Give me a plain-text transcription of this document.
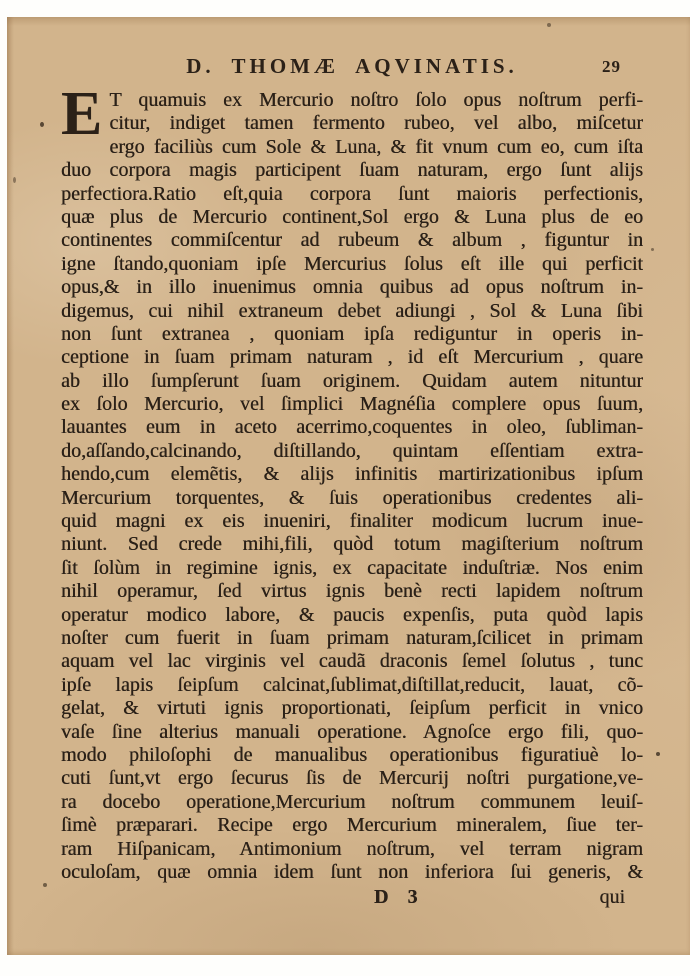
D. THOMÆ AQVINATIS.	29
E T quamuis ex Mercurio noſtro ſolo opus noſtrum perfi-
citur, indiget tamen fermento rubeo, vel albo, miſcetur
ergo faciliùs cum Sole & Luna, & fit vnum cum eo, cum iſta
duo corpora magis participent ſuam naturam, ergo ſunt alijs
perfectiora.Ratio eſt,quia corpora ſunt maioris perfectionis,
quæ plus de Mercurio continent,Sol ergo & Luna plus de eo
continentes commiſcentur ad rubeum & album , figuntur in
igne ſtando,quoniam ipſe Mercurius ſolus eſt ille qui perficit
opus,& in illo inuenimus omnia quibus ad opus noſtrum in-
digemus, cui nihil extraneum debet adiungi , Sol & Luna ſibi
non ſunt extranea , quoniam ipſa rediguntur in operis in-
ceptione in ſuam primam naturam , id eſt Mercurium , quare
ab illo ſumpſerunt ſuam originem. Quidam autem nituntur
ex ſolo Mercurio, vel ſimplici Magnéſia complere opus ſuum,
lauantes eum in aceto acerrimo,coquentes in oleo, ſubliman-
do,aſſando,calcinando, diſtillando, quintam eſſentiam extra-
hendo,cum elemẽtis, & alijs infinitis martirizationibus ipſum
Mercurium torquentes, & ſuis operationibus credentes ali-
quid magni ex eis inueniri, finaliter modicum lucrum inue-
niunt. Sed crede mihi,fili, quòd totum magiſterium noſtrum
ſit ſolùm in regimine ignis, ex capacitate induſtriæ. Nos enim
nihil operamur, ſed virtus ignis benè recti lapidem noſtrum
operatur modico labore, & paucis expenſis, puta quòd lapis
noſter cum fuerit in ſuam primam naturam,ſcilicet in primam
aquam vel lac virginis vel caudã draconis ſemel ſolutus , tunc
ipſe lapis ſeipſum calcinat,ſublimat,diſtillat,reducit, lauat, cõ-
gelat, & virtuti ignis proportionati, ſeipſum perficit in vnico
vaſe ſine alterius manuali operatione. Agnoſce ergo fili, quo-
modo philoſophi de manualibus operationibus figuratiuè lo-
cuti ſunt,vt ergo ſecurus ſis de Mercurij noſtri purgatione,ve-
ra docebo operatione,Mercurium noſtrum communem leuiſ-
ſimè præparari. Recipe ergo Mercurium mineralem, ſiue ter-
ram Hiſpanicam, Antimonium noſtrum, vel terram nigram
oculoſam, quæ omnia idem ſunt non inferiora ſui generis, &
D 3	qui
